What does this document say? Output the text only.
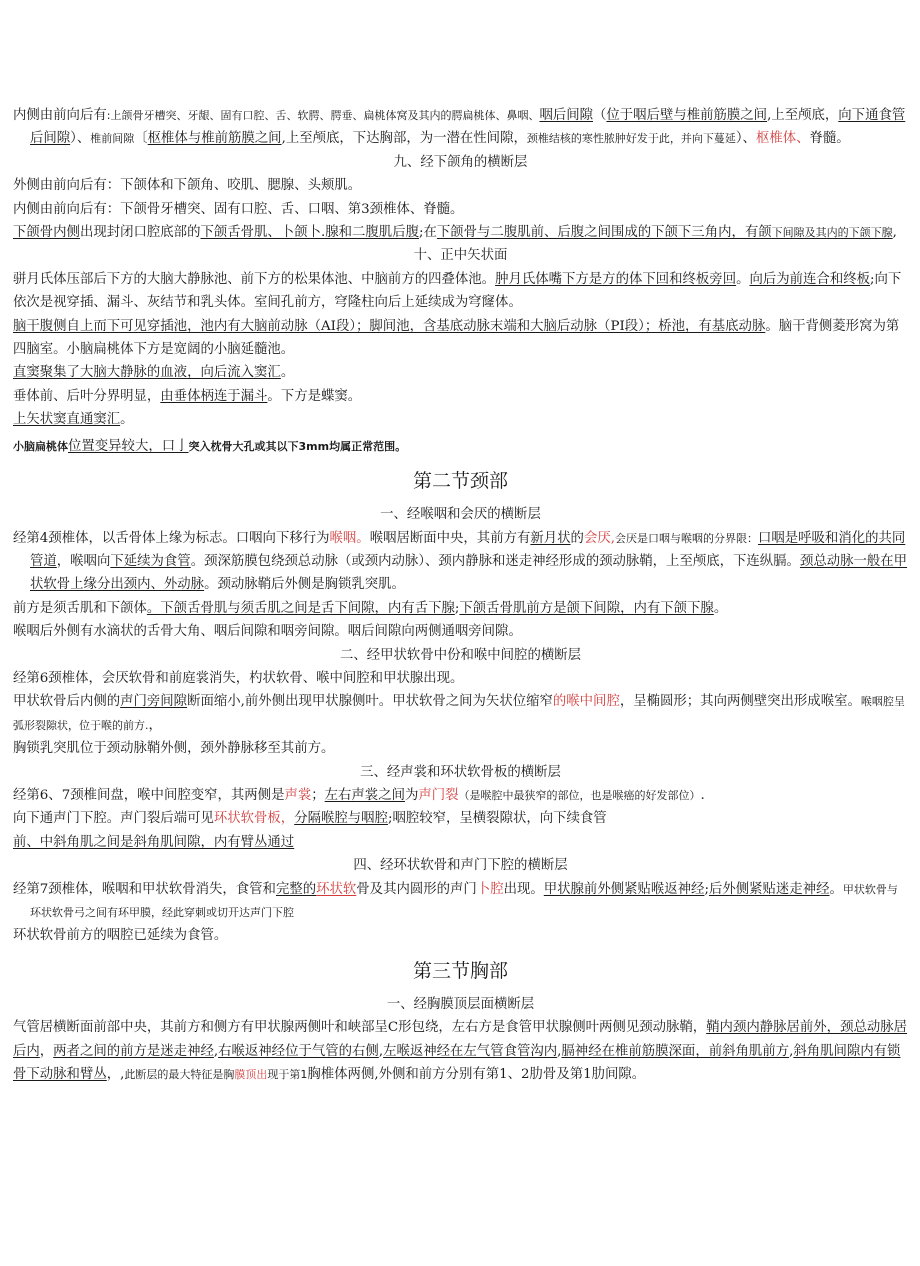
内侧由前向后有:上颌骨牙槽突、牙龈、固有口腔、舌、软腭、腭垂、扁桃体窝及其内的腭扁桃体、鼻咽、咽后间隙（位于咽后壁与椎前筋膜之间,上至颅底，向下通食管后间隙）、椎前间隙〔枢椎体与椎前筋膜之间,上至颅底，下达胸部，为一潜在性间隙，颈椎结核的寒性脓肿好发于此，并向下蔓延）、枢椎体、脊髓。

九、经下颌角的横断层

外侧由前向后有：下颌体和下颌角、咬肌、腮腺、头颊肌。

内侧由前向后有：下颌骨牙槽突、固有口腔、舌、口咽、第3颈椎体、脊髓。

下颌骨内侧出现封闭口腔底部的下颌舌骨肌、卜颌卜.腺和二腹肌后腹;在下颌骨与二腹肌前、后腹之间围成的下颌下三角内，有颌下间隙及其内的下颌下腺,

十、正中矢状面

骈月氏体压部后下方的大脑大静脉池、前下方的松果体池、中脑前方的四叠体池。肿月氏体嘴下方是方的体下回和终板旁回。向后为前连合和终板;向下依次是视穿插、漏斗、灰结节和乳头体。室间孔前方，穹隆柱向后上延续成为穹窿体。

脑干腹侧自上而下可见穿插池，池内有大脑前动脉（AI段）；脚间池，含基底动脉末端和大脑后动脉（PI段）；桥池，有基底动脉。脑干背侧菱形窝为第四脑室。小脑扁桃体下方是宽阔的小脑延髓池。

直窦聚集了大脑大静脉的血液，向后流入窦汇。

垂体前、后叶分界明显，由垂体柄连于漏斗。下方是蝶窦。

上矢状窦直通窦汇。

小脑扁桃体位置变异较大，口亅突入枕骨大孔或其以下3mm均属正常范围。

第二节颈部

一、经喉咽和会厌的横断层

经第4颈椎体，以舌骨体上缘为标志。口咽向下移行为喉咽。喉咽居断面中央，其前方有新月状的会厌,会厌是口咽与喉咽的分界限：口咽是呼吸和消化的共同管道，喉咽向下延续为食管。颈深筋膜包绕颈总动脉（或颈内动脉）、颈内静脉和迷走神经形成的颈动脉鞘，上至颅底，下连纵膈。颈总动脉一般在甲状软骨上缘分出颈内、外动脉。颈动脉鞘后外侧是胸锁乳突肌。

前方是须舌肌和下颌体。下颌舌骨肌与须舌肌之间是舌下间隙，内有舌下腺;下颌舌骨肌前方是颌下间隙，内有下颌下腺。

喉咽后外侧有水滴状的舌骨大角、咽后间隙和咽旁间隙。咽后间隙向两侧通咽旁间隙。

二、经甲状软骨中份和喉中间腔的横断层

经第6颈椎体，会厌软骨和前庭裳消失，杓状软骨、喉中间腔和甲状腺出现。

甲状软骨后内侧的声门旁间隙断面缩小,前外侧出现甲状腺侧叶。甲状软骨之间为矢状位缩窄的喉中间腔，呈椭圆形；其向两侧壁突出形成喉室。喉咽腔呈弧形裂隙状，位于喉的前方.，

胸锁乳突肌位于颈动脉鞘外侧，颈外静脉移至其前方。

三、经声裳和环状软骨板的横断层

经第6、7颈椎间盘，喉中间腔变窄，其两侧是声裳；左右声裳之间为声门裂（是喉腔中最狭窄的部位，也是喉癌的好发部位）.

向下通声门下腔。声门裂后端可见环状软骨板，分隔喉腔与咽腔;咽腔较窄，呈横裂隙状，向下续食管

前、中斜角肌之间是斜角肌间隙，内有臂丛通过

四、经环状软骨和声门下腔的横断层

经第7颈椎体，喉咽和甲状软骨消失，食管和完整的环状软骨及其内圆形的声门卜腔出现。甲状腺前外侧紧贴喉返神经;后外侧紧贴迷走神经。甲状软骨与环状软骨弓之间有环甲膜，经此穿刺或切开达声门下腔

环状软骨前方的咽腔已延续为食管。

第三节胸部

一、经胸膜顶层面横断层

气管居横断面前部中央，其前方和侧方有甲状腺两侧叶和峡部呈C形包绕，左右方是食管甲状腺侧叶两侧见颈动脉鞘，鞘内颈内静脉居前外，颈总动脉居后内，两者之间的前方是迷走神经,右喉返神经位于气管的右侧,左喉返神经在左气管食管沟内,膈神经在椎前筋膜深面，前斜角肌前方,斜角肌间隙内有锁骨下动脉和臂丛，,此断层的最大特征是胸膜顶出现于第1胸椎体两侧,外侧和前方分别有第1、2肋骨及第1肋间隙。
